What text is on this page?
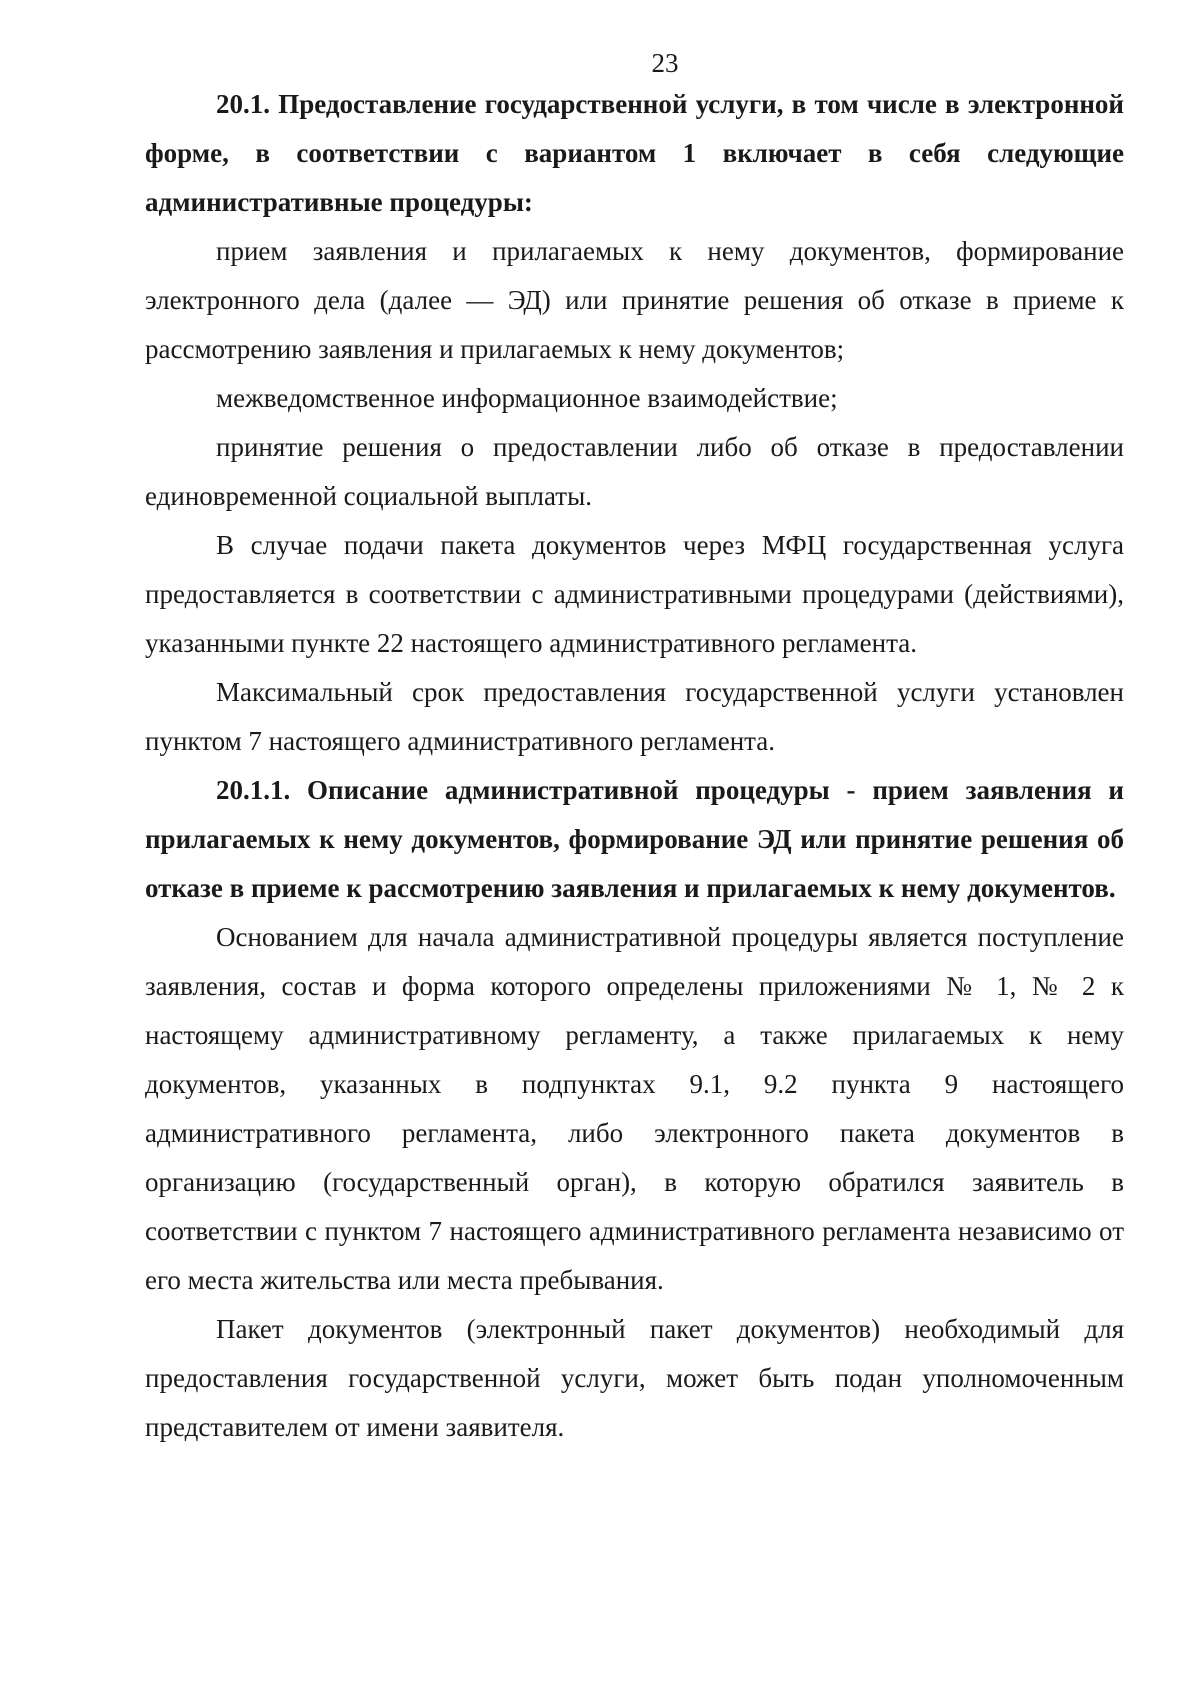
23

20.1. Предоставление государственной услуги, в том числе в электронной форме, в соответствии с вариантом 1 включает в себя следующие административные процедуры:

прием заявления и прилагаемых к нему документов, формирование электронного дела (далее — ЭД) или принятие решения об отказе в приеме к рассмотрению заявления и прилагаемых к нему документов;

межведомственное информационное взаимодействие;

принятие решения о предоставлении либо об отказе в предоставлении единовременной социальной выплаты.

В случае подачи пакета документов через МФЦ государственная услуга предоставляется в соответствии с административными процедурами (действиями), указанными пункте 22 настоящего административного регламента.

Максимальный срок предоставления государственной услуги установлен пунктом 7 настоящего административного регламента.

20.1.1. Описание административной процедуры - прием заявления и прилагаемых к нему документов, формирование ЭД или принятие решения об отказе в приеме к рассмотрению заявления и прилагаемых к нему документов.

Основанием для начала административной процедуры является поступление заявления, состав и форма которого определены приложениями № 1, № 2 к настоящему административному регламенту, а также прилагаемых к нему документов, указанных в подпунктах 9.1, 9.2 пункта 9 настоящего административного регламента, либо электронного пакета документов в организацию (государственный орган), в которую обратился заявитель в соответствии с пунктом 7 настоящего административного регламента независимо от его места жительства или места пребывания.

Пакет документов (электронный пакет документов) необходимый для предоставления государственной услуги, может быть подан уполномоченным представителем от имени заявителя.
